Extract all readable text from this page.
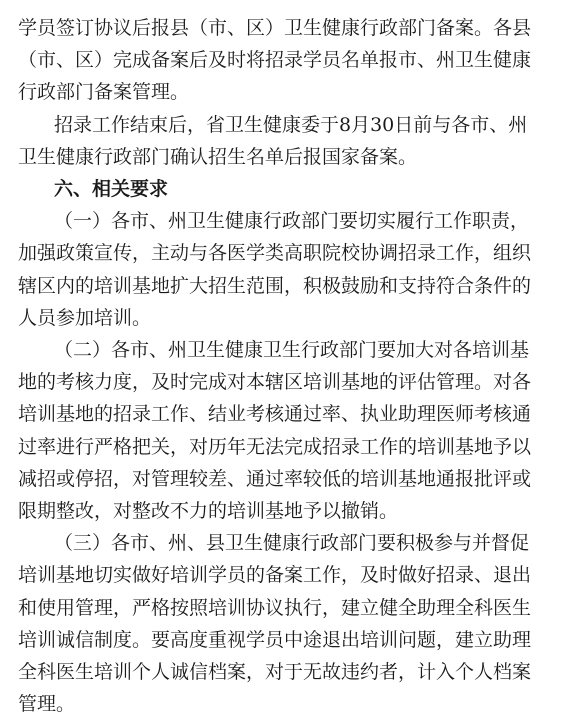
学员签订协议后报县（市、区）卫生健康行政部门备案。各县
（市、区）完成备案后及时将招录学员名单报市、州卫生健康
行政部门备案管理。
招录工作结束后，省卫生健康委于8月30日前与各市、州
卫生健康行政部门确认招生名单后报国家备案。
六、相关要求
（一）各市、州卫生健康行政部门要切实履行工作职责，
加强政策宣传，主动与各医学类高职院校协调招录工作，组织
辖区内的培训基地扩大招生范围，积极鼓励和支持符合条件的
人员参加培训。
（二）各市、州卫生健康卫生行政部门要加大对各培训基
地的考核力度，及时完成对本辖区培训基地的评估管理。对各
培训基地的招录工作、结业考核通过率、执业助理医师考核通
过率进行严格把关，对历年无法完成招录工作的培训基地予以
减招或停招，对管理较差、通过率较低的培训基地通报批评或
限期整改，对整改不力的培训基地予以撤销。
（三）各市、州、县卫生健康行政部门要积极参与并督促
培训基地切实做好培训学员的备案工作，及时做好招录、退出
和使用管理，严格按照培训协议执行，建立健全助理全科医生
培训诚信制度。要高度重视学员中途退出培训问题，建立助理
全科医生培训个人诚信档案，对于无故违约者，计入个人档案
管理。
